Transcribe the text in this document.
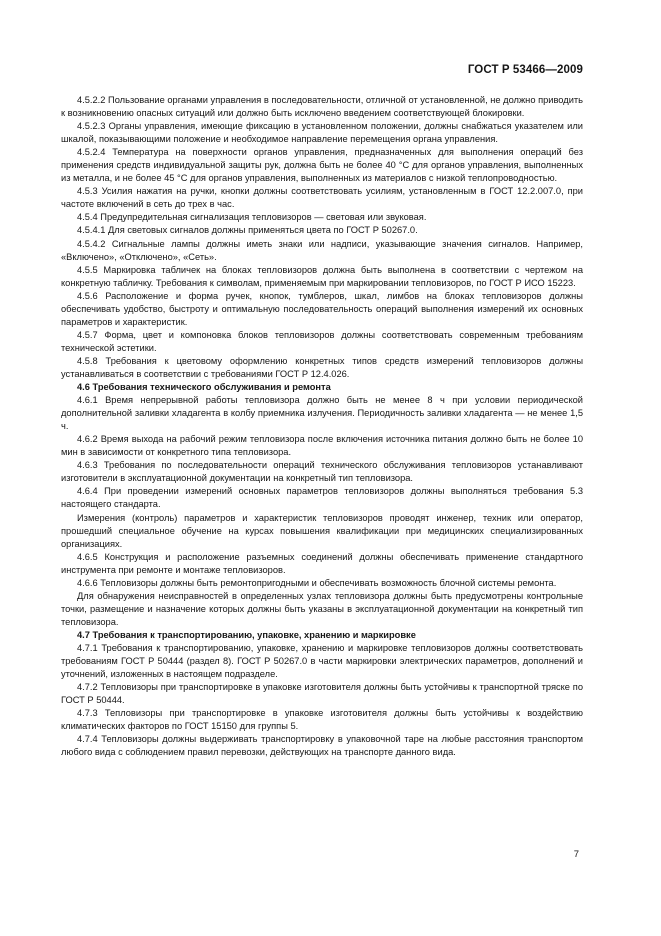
ГОСТ Р 53466—2009

4.5.2.2 Пользование органами управления в последовательности, отличной от установленной, не должно приводить к возникновению опасных ситуаций или должно быть исключено введением соответствующей блокировки.

4.5.2.3 Органы управления, имеющие фиксацию в установленном положении, должны снабжаться указателем или шкалой, показывающими положение и необходимое направление перемещения органа управления.

4.5.2.4 Температура на поверхности органов управления, предназначенных для выполнения операций без применения средств индивидуальной защиты рук, должна быть не более 40 °С для органов управления, выполненных из металла, и не более 45 °С для органов управления, выполненных из материалов с низкой теплопроводностью.

4.5.3 Усилия нажатия на ручки, кнопки должны соответствовать усилиям, установленным в ГОСТ 12.2.007.0, при частоте включений в сеть до трех в час.

4.5.4 Предупредительная сигнализация тепловизоров — световая или звуковая.

4.5.4.1 Для световых сигналов должны применяться цвета по ГОСТ Р 50267.0.

4.5.4.2 Сигнальные лампы должны иметь знаки или надписи, указывающие значения сигналов. Например, «Включено», «Отключено», «Сеть».

4.5.5 Маркировка табличек на блоках тепловизоров должна быть выполнена в соответствии с чертежом на конкретную табличку. Требования к символам, применяемым при маркировании тепловизоров, по ГОСТ Р ИСО 15223.

4.5.6 Расположение и форма ручек, кнопок, тумблеров, шкал, лимбов на блоках тепловизоров должны обеспечивать удобство, быстроту и оптимальную последовательность операций выполнения измерений их основных параметров и характеристик.

4.5.7 Форма, цвет и компоновка блоков тепловизоров должны соответствовать современным требованиям технической эстетики.

4.5.8 Требования к цветовому оформлению конкретных типов средств измерений тепловизоров должны устанавливаться в соответствии с требованиями ГОСТ Р 12.4.026.

4.6 Требования технического обслуживания и ремонта

4.6.1 Время непрерывной работы тепловизора должно быть не менее 8 ч при условии периодической дополнительной заливки хладагента в колбу приемника излучения. Периодичность заливки хладагента — не менее 1,5 ч.

4.6.2 Время выхода на рабочий режим тепловизора после включения источника питания должно быть не более 10 мин в зависимости от конкретного типа тепловизора.

4.6.3 Требования по последовательности операций технического обслуживания тепловизоров устанавливают изготовители в эксплуатационной документации на конкретный тип тепловизора.

4.6.4 При проведении измерений основных параметров тепловизоров должны выполняться требования 5.3 настоящего стандарта.

Измерения (контроль) параметров и характеристик тепловизоров проводят инженер, техник или оператор, прошедший специальное обучение на курсах повышения квалификации при медицинских специализированных организациях.

4.6.5 Конструкция и расположение разъемных соединений должны обеспечивать применение стандартного инструмента при ремонте и монтаже тепловизоров.

4.6.6 Тепловизоры должны быть ремонтопригодными и обеспечивать возможность блочной системы ремонта.

Для обнаружения неисправностей в определенных узлах тепловизора должны быть предусмотрены контрольные точки, размещение и назначение которых должны быть указаны в эксплуатационной документации на конкретный тип тепловизора.

4.7 Требования к транспортированию, упаковке, хранению и маркировке

4.7.1 Требования к транспортированию, упаковке, хранению и маркировке тепловизоров должны соответствовать требованиям ГОСТ Р 50444 (раздел 8). ГОСТ Р 50267.0 в части маркировки электрических параметров, дополнений и уточнений, изложенных в настоящем подразделе.

4.7.2 Тепловизоры при транспортировке в упаковке изготовителя должны быть устойчивы к транспортной тряске по ГОСТ Р 50444.

4.7.3 Тепловизоры при транспортировке в упаковке изготовителя должны быть устойчивы к воздействию климатических факторов по ГОСТ 15150 для группы 5.

4.7.4 Тепловизоры должны выдерживать транспортировку в упаковочной таре на любые расстояния транспортом любого вида с соблюдением правил перевозки, действующих на транспорте данного вида.

7
